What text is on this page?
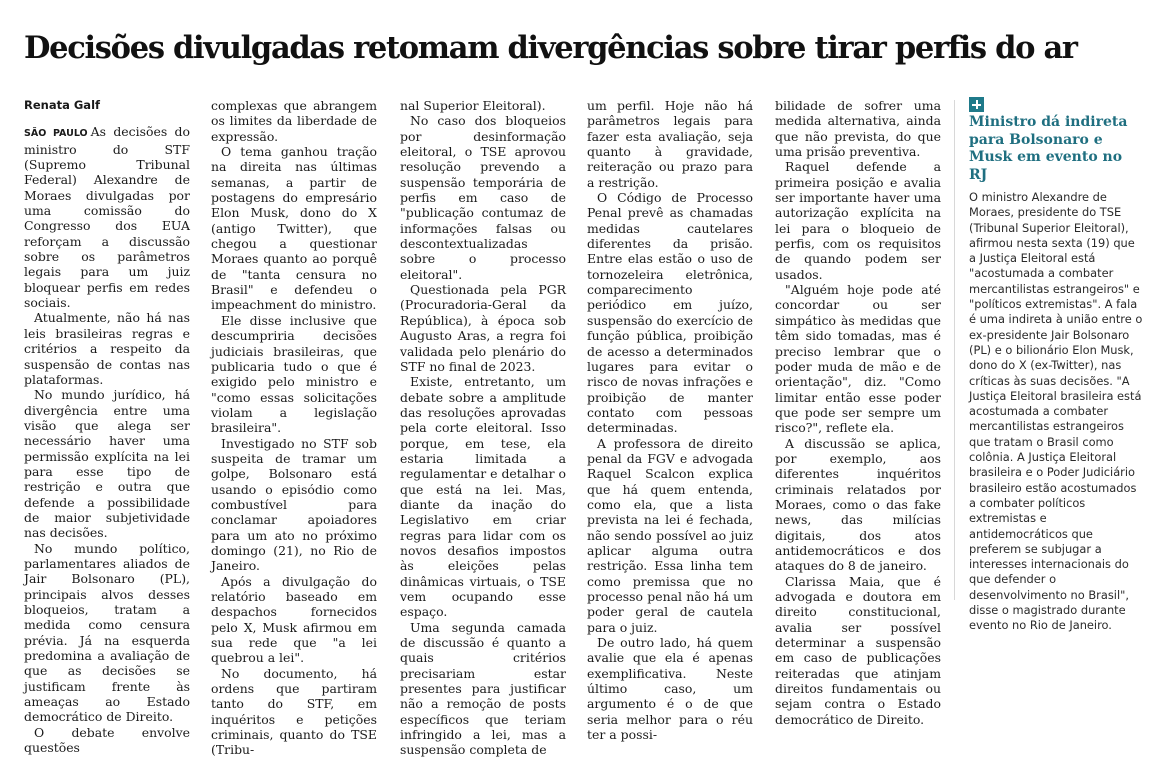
Decisões divulgadas retomam divergências sobre tirar perfis do ar
Renata Galf

SÃO PAULO As decisões do ministro do STF (Supremo Tribunal Federal) Alexandre de Moraes divulgadas por uma comissão do Congresso dos EUA reforçam a discussão sobre os parâmetros legais para um juiz bloquear perfis em redes sociais.

Atualmente, não há nas leis brasileiras regras e critérios a respeito da suspensão de contas nas plataformas.

No mundo jurídico, há divergência entre uma visão que alega ser necessário haver uma permissão explícita na lei para esse tipo de restrição e outra que defende a possibilidade de maior subjetividade nas decisões.

No mundo político, parlamentares aliados de Jair Bolsonaro (PL), principais alvos desses bloqueios, tratam a medida como censura prévia. Já na esquerda predomina a avaliação de que as decisões se justificam frente às ameaças ao Estado democrático de Direito.

O debate envolve questões

complexas que abrangem os limites da liberdade de expressão.

O tema ganhou tração na direita nas últimas semanas, a partir de postagens do empresário Elon Musk, dono do X (antigo Twitter), que chegou a questionar Moraes quanto ao porquê de "tanta censura no Brasil" e defendeu o impeachment do ministro.

Ele disse inclusive que descumpriria decisões judiciais brasileiras, que publicaria tudo o que é exigido pelo ministro e "como essas solicitações violam a legislação brasileira".

Investigado no STF sob suspeita de tramar um golpe, Bolsonaro está usando o episódio como combustível para conclamar apoiadores para um ato no próximo domingo (21), no Rio de Janeiro.

Após a divulgação do relatório baseado em despachos fornecidos pelo X, Musk afirmou em sua rede que "a lei quebrou a lei".

No documento, há ordens que partiram tanto do STF, em inquéritos e petições criminais, quanto do TSE (Tribu-

nal Superior Eleitoral).

No caso dos bloqueios por desinformação eleitoral, o TSE aprovou resolução prevendo a suspensão temporária de perfis em caso de "publicação contumaz de informações falsas ou descontextualizadas sobre o processo eleitoral".

Questionada pela PGR (Procuradoria-Geral da República), à época sob Augusto Aras, a regra foi validada pelo plenário do STF no final de 2023.

Existe, entretanto, um debate sobre a amplitude das resoluções aprovadas pela corte eleitoral. Isso porque, em tese, ela estaria limitada a regulamentar e detalhar o que está na lei. Mas, diante da inação do Legislativo em criar regras para lidar com os novos desafios impostos às eleições pelas dinâmicas virtuais, o TSE vem ocupando esse espaço.

Uma segunda camada de discussão é quanto a quais critérios precisariam estar presentes para justificar não a remoção de posts específicos que teriam infringido a lei, mas a suspensão completa de

um perfil. Hoje não há parâmetros legais para fazer esta avaliação, seja quanto à gravidade, reiteração ou prazo para a restrição.

O Código de Processo Penal prevê as chamadas medidas cautelares diferentes da prisão. Entre elas estão o uso de tornozeleira eletrônica, comparecimento periódico em juízo, suspensão do exercício de função pública, proibição de acesso a determinados lugares para evitar o risco de novas infrações e proibição de manter contato com pessoas determinadas.

A professora de direito penal da FGV e advogada Raquel Scalcon explica que há quem entenda, como ela, que a lista prevista na lei é fechada, não sendo possível ao juiz aplicar alguma outra restrição. Essa linha tem como premissa que no processo penal não há um poder geral de cautela para o juiz.

De outro lado, há quem avalie que ela é apenas exemplificativa. Neste último caso, um argumento é o de que seria melhor para o réu ter a possi-

bilidade de sofrer uma medida alternativa, ainda que não prevista, do que uma prisão preventiva.

Raquel defende a primeira posição e avalia ser importante haver uma autorização explícita na lei para o bloqueio de perfis, com os requisitos de quando podem ser usados.

"Alguém hoje pode até concordar ou ser simpático às medidas que têm sido tomadas, mas é preciso lembrar que o poder muda de mão e de orientação", diz. "Como limitar então esse poder que pode ser sempre um risco?", reflete ela.

A discussão se aplica, por exemplo, aos diferentes inquéritos criminais relatados por Moraes, como o das fake news, das milícias digitais, dos atos antidemocráticos e dos ataques do 8 de janeiro.

Clarissa Maia, que é advogada e doutora em direito constitucional, avalia ser possível determinar a suspensão em caso de publicações reiteradas que atinjam direitos fundamentais ou sejam contra o Estado democrático de Direito.

Ministro dá indireta para Bolsonaro e Musk em evento no RJ

O ministro Alexandre de Moraes, presidente do TSE (Tribunal Superior Eleitoral), afirmou nesta sexta (19) que a Justiça Eleitoral está "acostumada a combater mercantilistas estrangeiros" e "políticos extremistas". A fala é uma indireta à união entre o ex-presidente Jair Bolsonaro (PL) e o bilionário Elon Musk, dono do X (ex-Twitter), nas críticas às suas decisões. "A Justiça Eleitoral brasileira está acostumada a combater mercantilistas estrangeiros que tratam o Brasil como colônia. A Justiça Eleitoral brasileira e o Poder Judiciário brasileiro estão acostumados a combater políticos extremistas e antidemocráticos que preferem se subjugar a interesses internacionais do que defender o desenvolvimento no Brasil", disse o magistrado durante evento no Rio de Janeiro.
